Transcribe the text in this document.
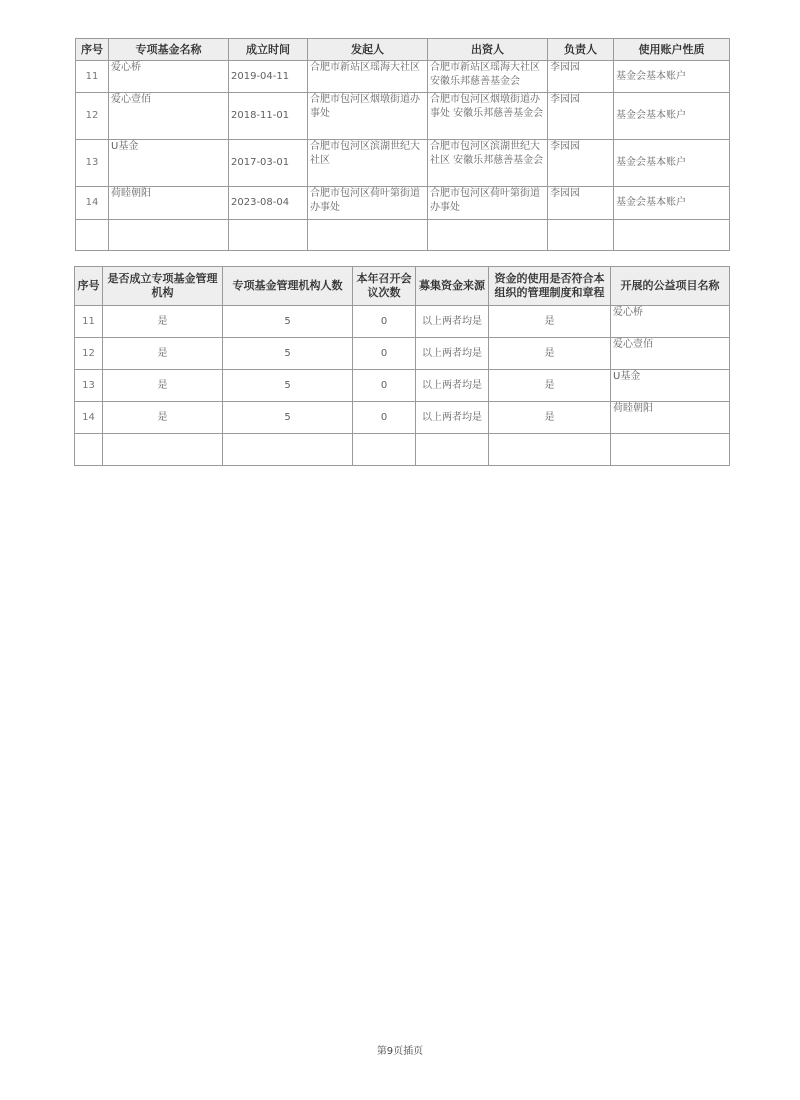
序号	专项基金名称	成立时间	发起人	出资人	负责人	使用账户性质
11	爱心桥	2019-04-11	合肥市新站区瑶海大社区	合肥市新站区瑶海大社区 安徽乐邦慈善基金会	李园园	基金会基本账户
12	爱心壹佰	2018-11-01	合肥市包河区烟墩街道办事处	合肥市包河区烟墩街道办事处 安徽乐邦慈善基金会	李园园	基金会基本账户
13	U基金	2017-03-01	合肥市包河区滨湖世纪大社区	合肥市包河区滨湖世纪大社区 安徽乐邦慈善基金会	李园园	基金会基本账户
14	荷睦朝阳	2023-08-04	合肥市包河区荷叶第街道办事处	合肥市包河区荷叶第街道办事处	李园园	基金会基本账户

序号	是否成立专项基金管理机构	专项基金管理机构人数	本年召开会议次数	募集资金来源	资金的使用是否符合本组织的管理制度和章程	开展的公益项目名称
11	是	5	0	以上两者均是	是	爱心桥
12	是	5	0	以上两者均是	是	爱心壹佰
13	是	5	0	以上两者均是	是	U基金
14	是	5	0	以上两者均是	是	荷睦朝阳

第9页插页
